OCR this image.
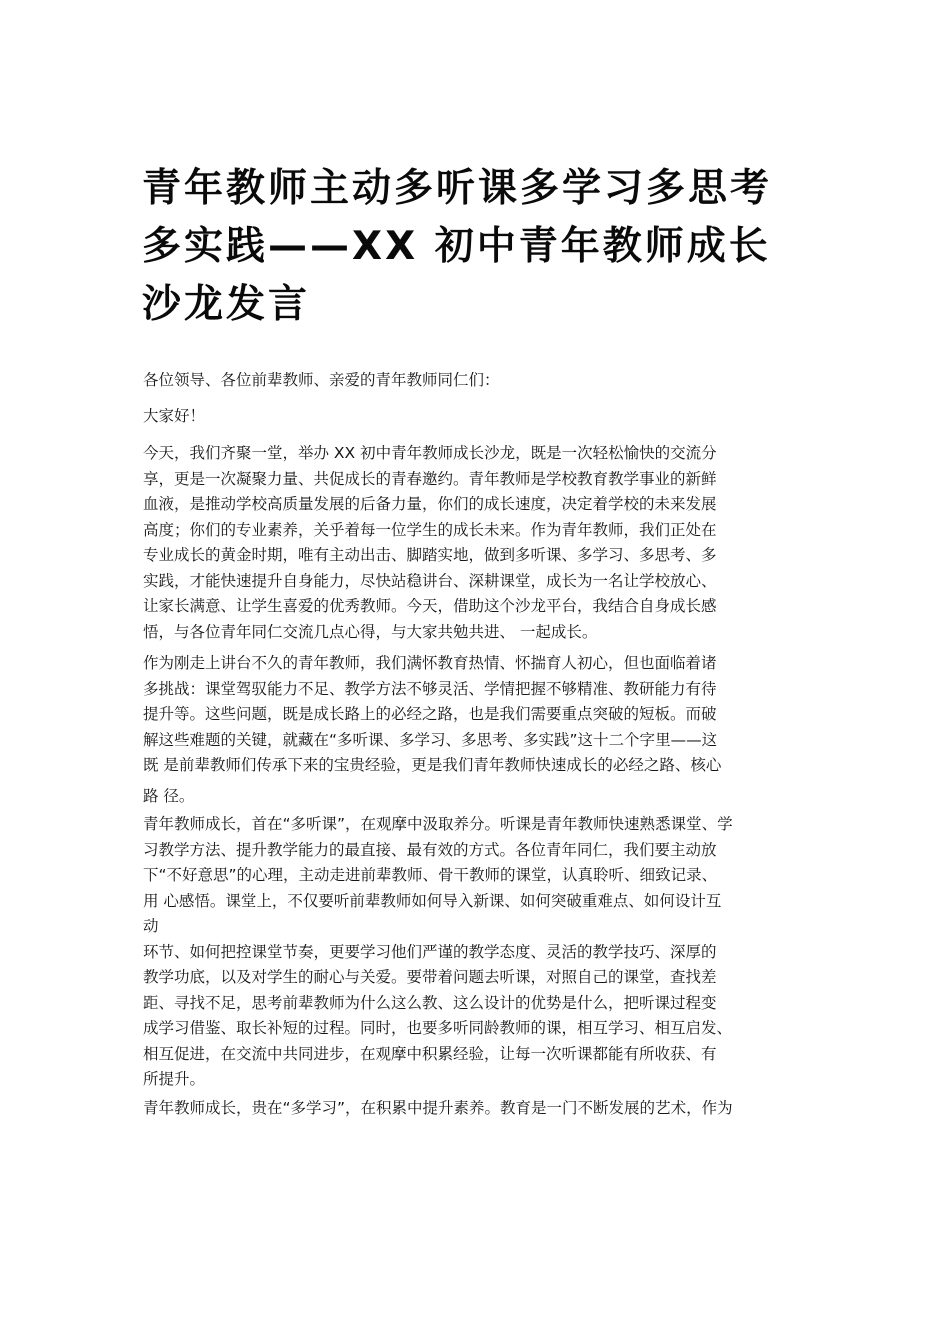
青年教师主动多听课多学习多思考
多实践——XX 初中青年教师成长
沙龙发言
各位领导、各位前辈教师、亲爱的青年教师同仁们：
大家好！
今天，我们齐聚一堂，举办 XX 初中青年教师成长沙龙，既是一次轻松愉快的交流分
享，更是一次凝聚力量、共促成长的青春邀约。青年教师是学校教育教学事业的新鲜
血液，是推动学校高质量发展的后备力量，你们的成长速度，决定着学校的未来发展
高度；你们的专业素养，关乎着每一位学生的成长未来。作为青年教师，我们正处在
专业成长的黄金时期，唯有主动出击、脚踏实地，做到多听课、多学习、多思考、多
实践，才能快速提升自身能力，尽快站稳讲台、深耕课堂，成长为一名让学校放心、
让家长满意、让学生喜爱的优秀教师。今天，借助这个沙龙平台，我结合自身成长感
悟，与各位青年同仁交流几点心得，与大家共勉共进、 一起成长。
作为刚走上讲台不久的青年教师，我们满怀教育热情、怀揣育人初心，但也面临着诸
多挑战：课堂驾驭能力不足、教学方法不够灵活、学情把握不够精准、教研能力有待
提升等。这些问题，既是成长路上的必经之路，也是我们需要重点突破的短板。而破
解这些难题的关键，就藏在“多听课、多学习、多思考、多实践”这十二个字里——这
既 是前辈教师们传承下来的宝贵经验，更是我们青年教师快速成长的必经之路、核心
路 径。
青年教师成长，首在“多听课”，在观摩中汲取养分。听课是青年教师快速熟悉课堂、学
习教学方法、提升教学能力的最直接、最有效的方式。各位青年同仁，我们要主动放
下“不好意思”的心理，主动走进前辈教师、骨干教师的课堂，认真聆听、细致记录、
用 心感悟。课堂上，不仅要听前辈教师如何导入新课、如何突破重难点、如何设计互
动
环节、如何把控课堂节奏，更要学习他们严谨的教学态度、灵活的教学技巧、深厚的
教学功底，以及对学生的耐心与关爱。要带着问题去听课，对照自己的课堂，查找差
距、寻找不足，思考前辈教师为什么这么教、这么设计的优势是什么，把听课过程变
成学习借鉴、取长补短的过程。同时，也要多听同龄教师的课，相互学习、相互启发、
相互促进，在交流中共同进步，在观摩中积累经验，让每一次听课都能有所收获、有
所提升。
青年教师成长，贵在“多学习”，在积累中提升素养。教育是一门不断发展的艺术，作为
